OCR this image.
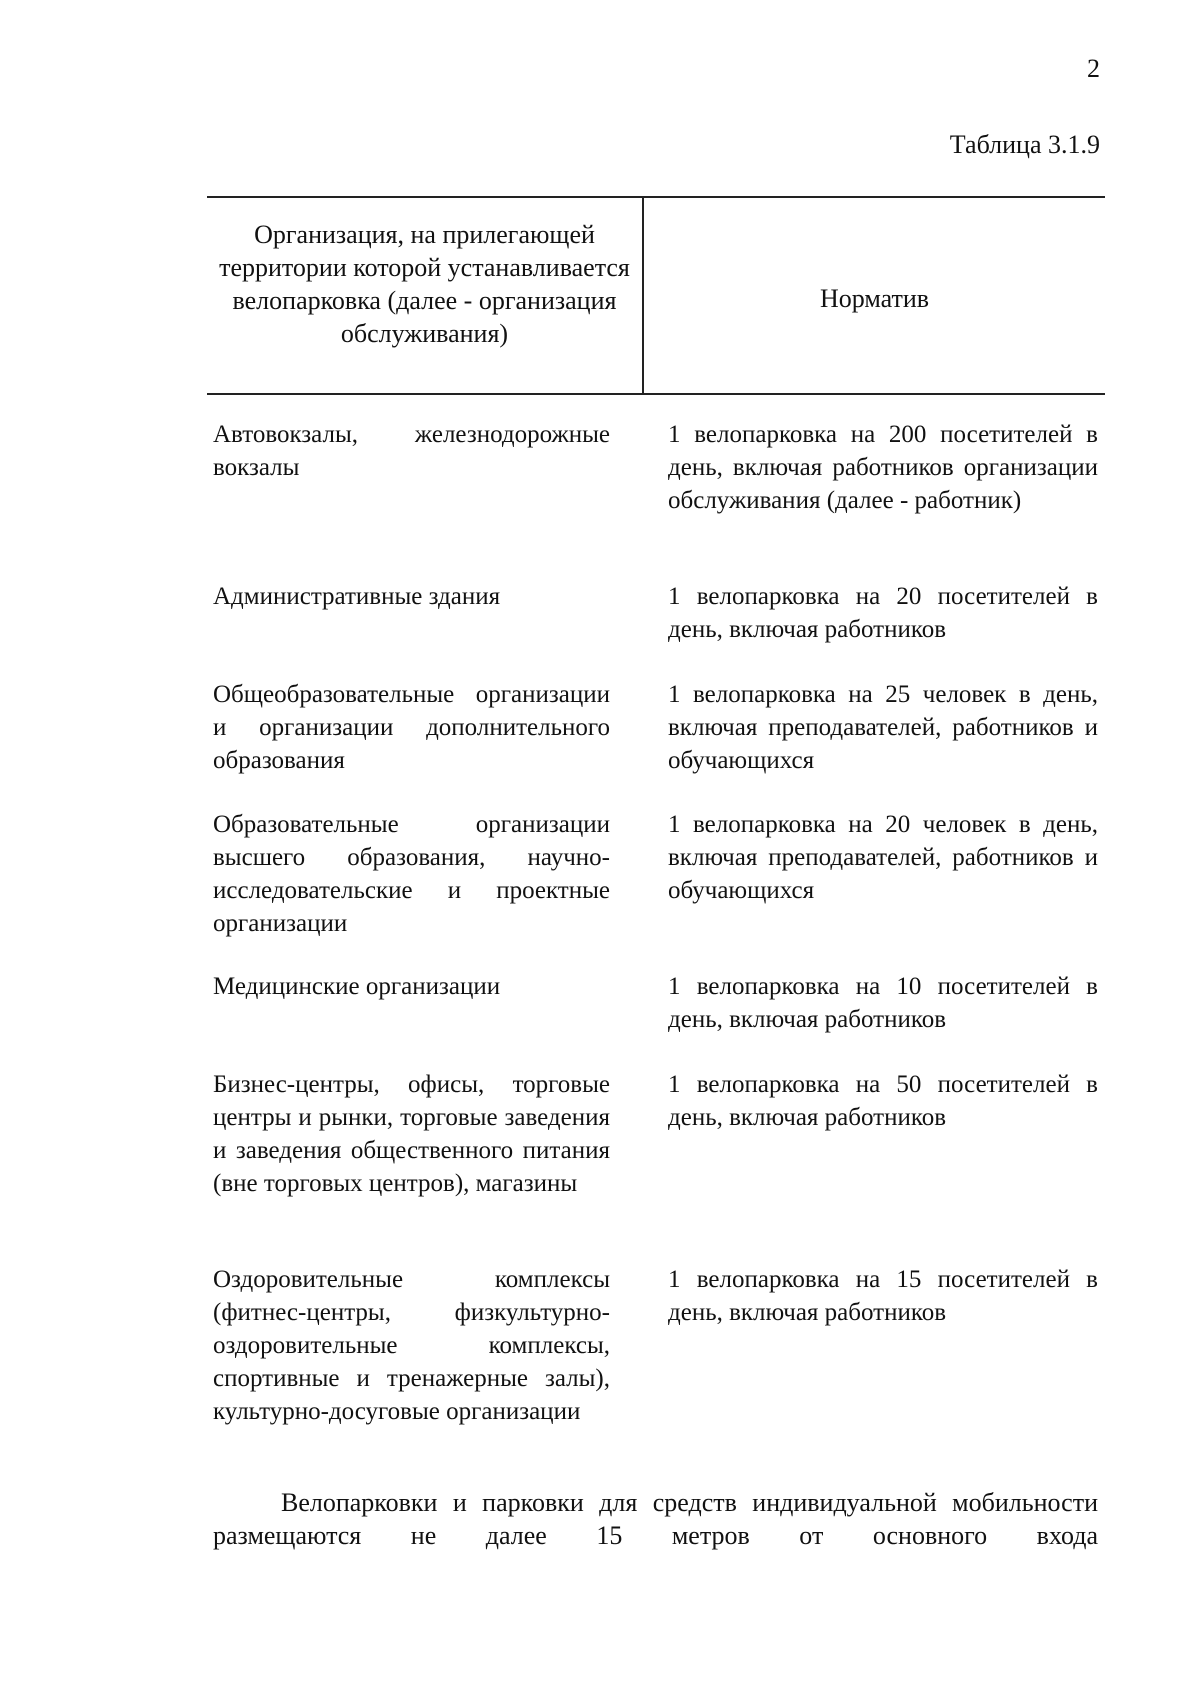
2
Таблица 3.1.9
Организация, на прилегающей территории которой устанавливается велопарковка (далее - организация обслуживания)
Норматив
Автовокзалы, железнодорожные вокзалы
1 велопарковка на 200 посетителей в день, включая работников организации обслуживания (далее - работник)
Административные здания	1 велопарковка на 20 посетителей в день, включая работников
Общеобразовательные организации и организации дополнительного образования
1 велопарковка на 25 человек в день, включая преподавателей, работников и обучающихся
Образовательные организации высшего образования, научно-исследовательские и проектные организации
1 велопарковка на 20 человек в день, включая преподавателей, работников и обучающихся
Медицинские организации	1 велопарковка на 10 посетителей в день, включая работников
Бизнес-центры, офисы, торговые центры и рынки, торговые заведения и заведения общественного питания (вне торговых центров), магазины
1 велопарковка на 50 посетителей в день, включая работников
Оздоровительные комплексы (фитнес-центры, физкультурно-оздоровительные комплексы, спортивные и тренажерные залы), культурно-досуговые организации
1 велопарковка на 15 посетителей в день, включая работников
Велопарковки и парковки для средств индивидуальной мобильности размещаются не далее 15 метров от основного входа
